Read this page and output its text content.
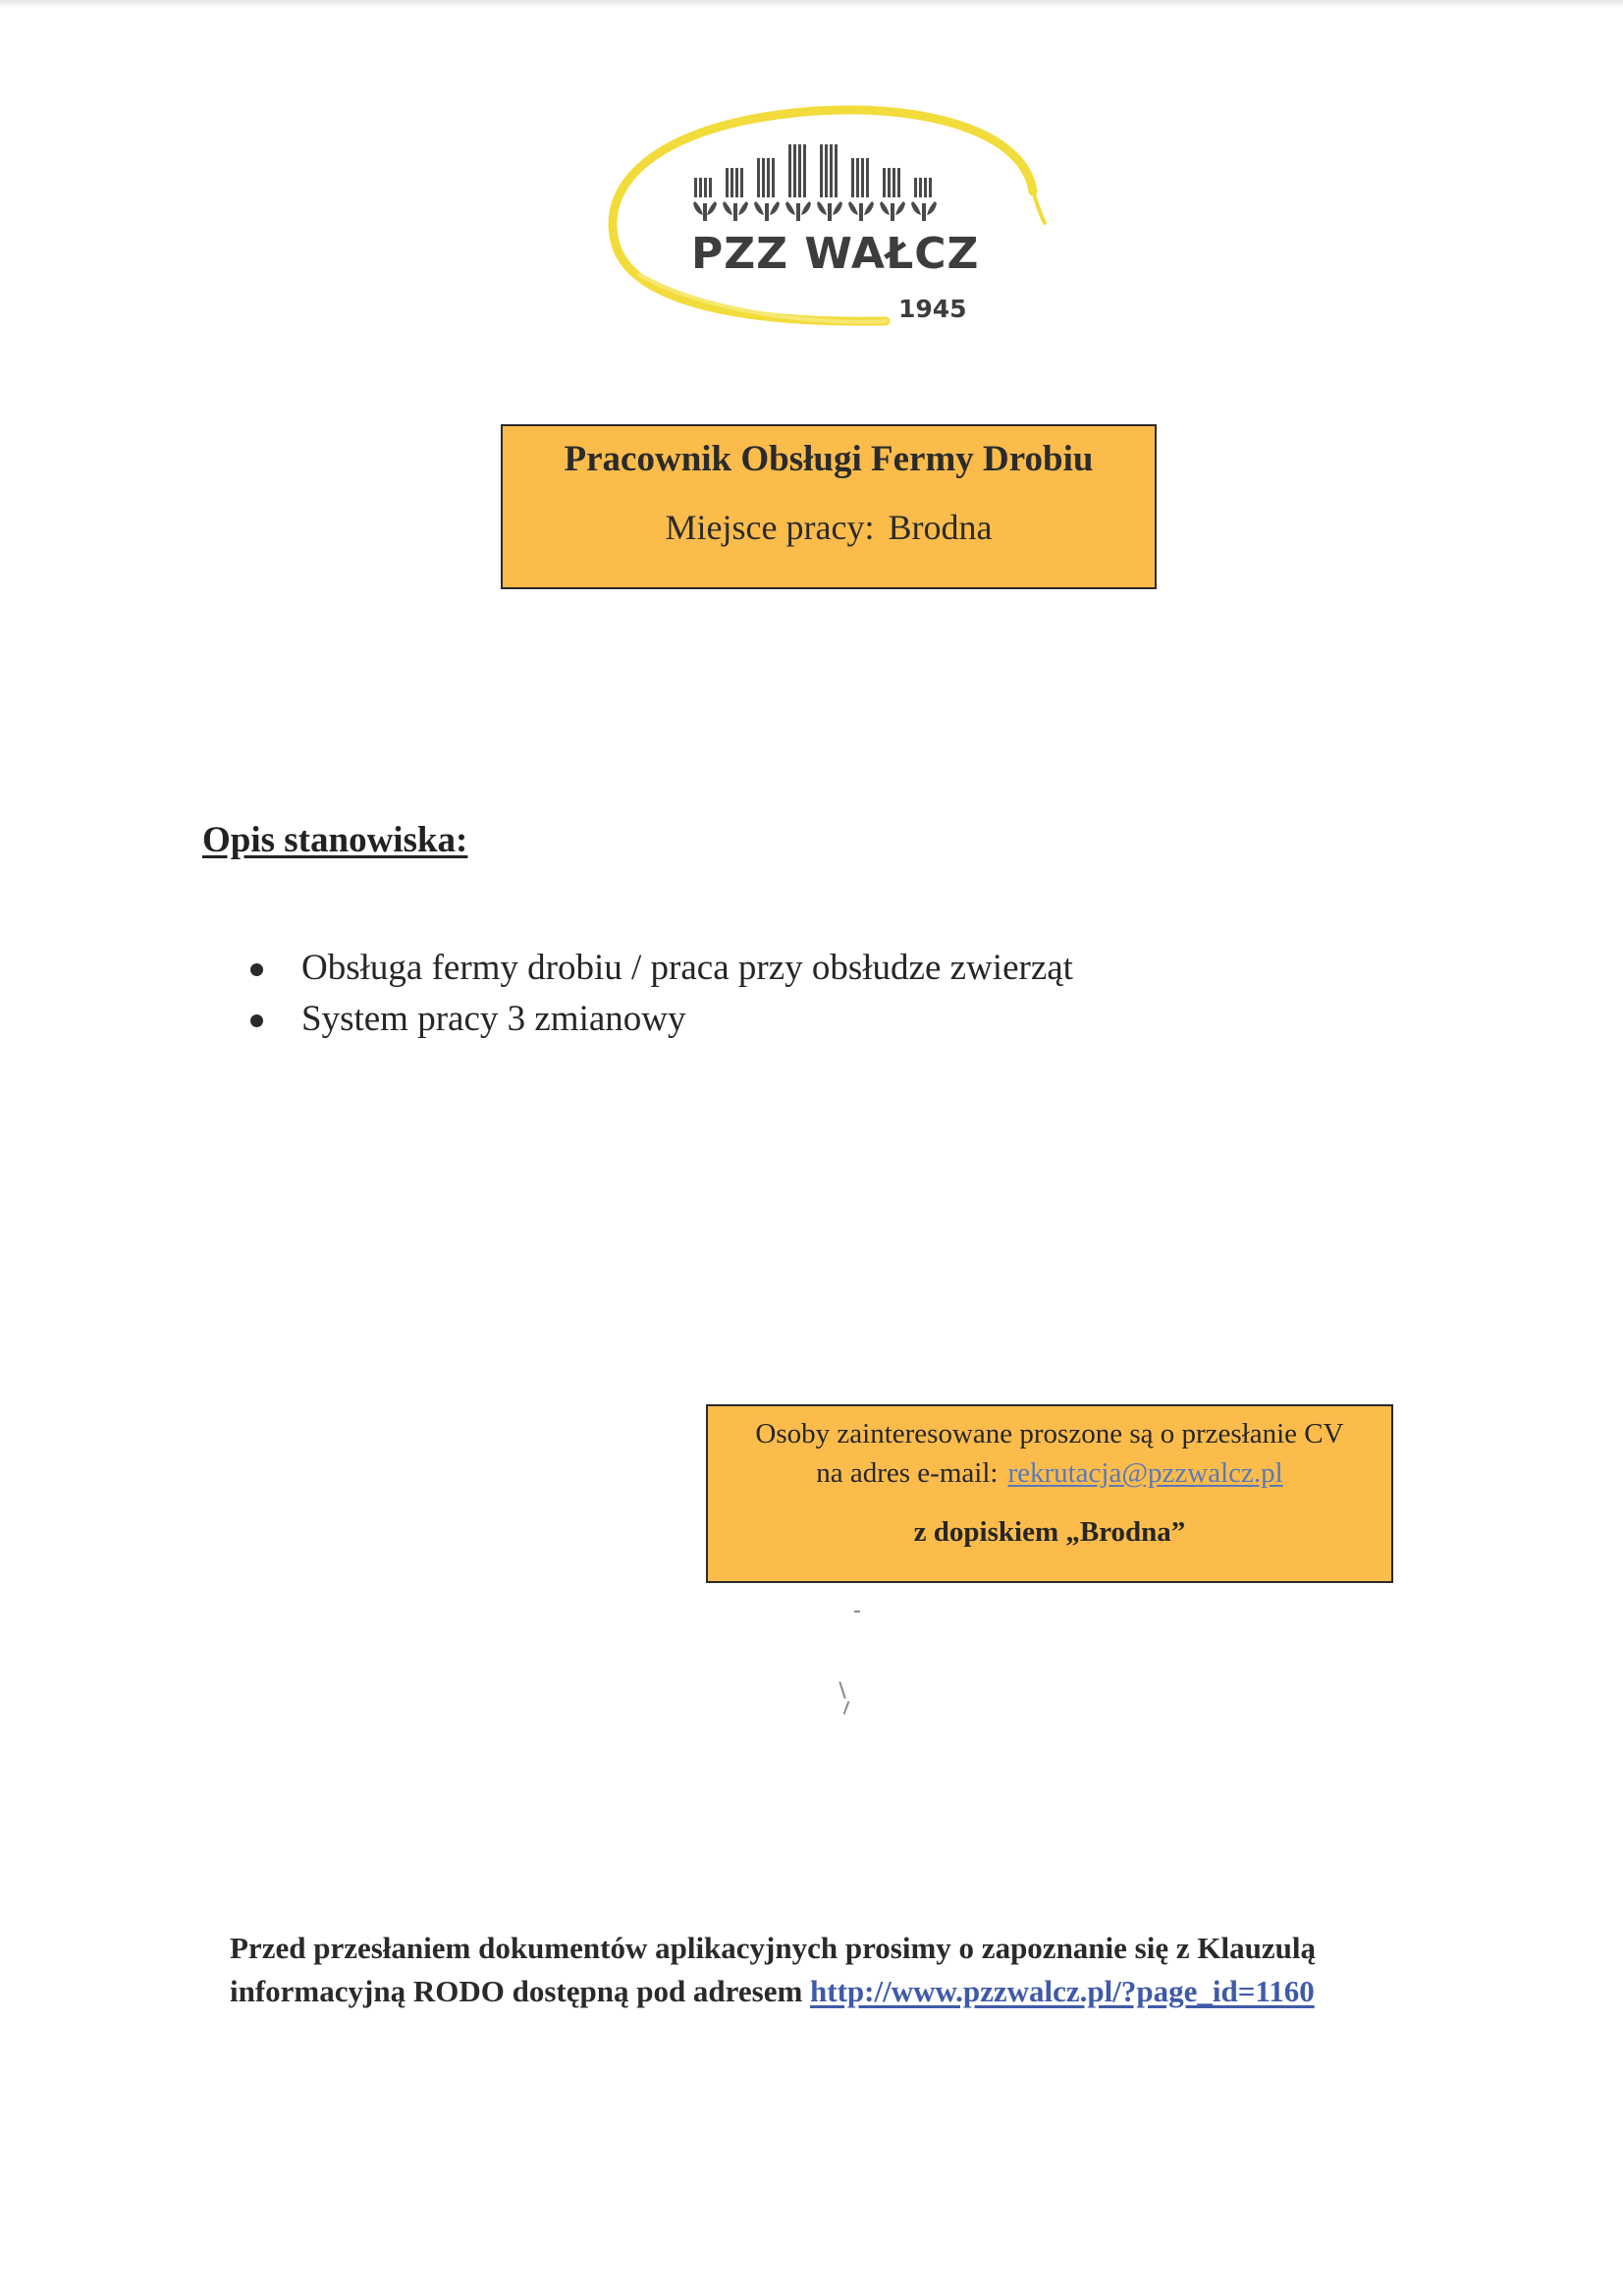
PZZ WAŁCZ
1945
Pracownik Obsługi Fermy Drobiu
Miejsce pracy: Brodna
Opis stanowiska:
Obsługa fermy drobiu / praca przy obsłudze zwierząt
System pracy 3 zmianowy
Osoby zainteresowane proszone są o przesłanie CV
na adres e-mail: rekrutacja@pzzwalcz.pl
z dopiskiem „Brodna”
Przed przesłaniem dokumentów aplikacyjnych prosimy o zapoznanie się z Klauzulą
informacyjną RODO dostępną pod adresem http://www.pzzwalcz.pl/?page_id=1160
